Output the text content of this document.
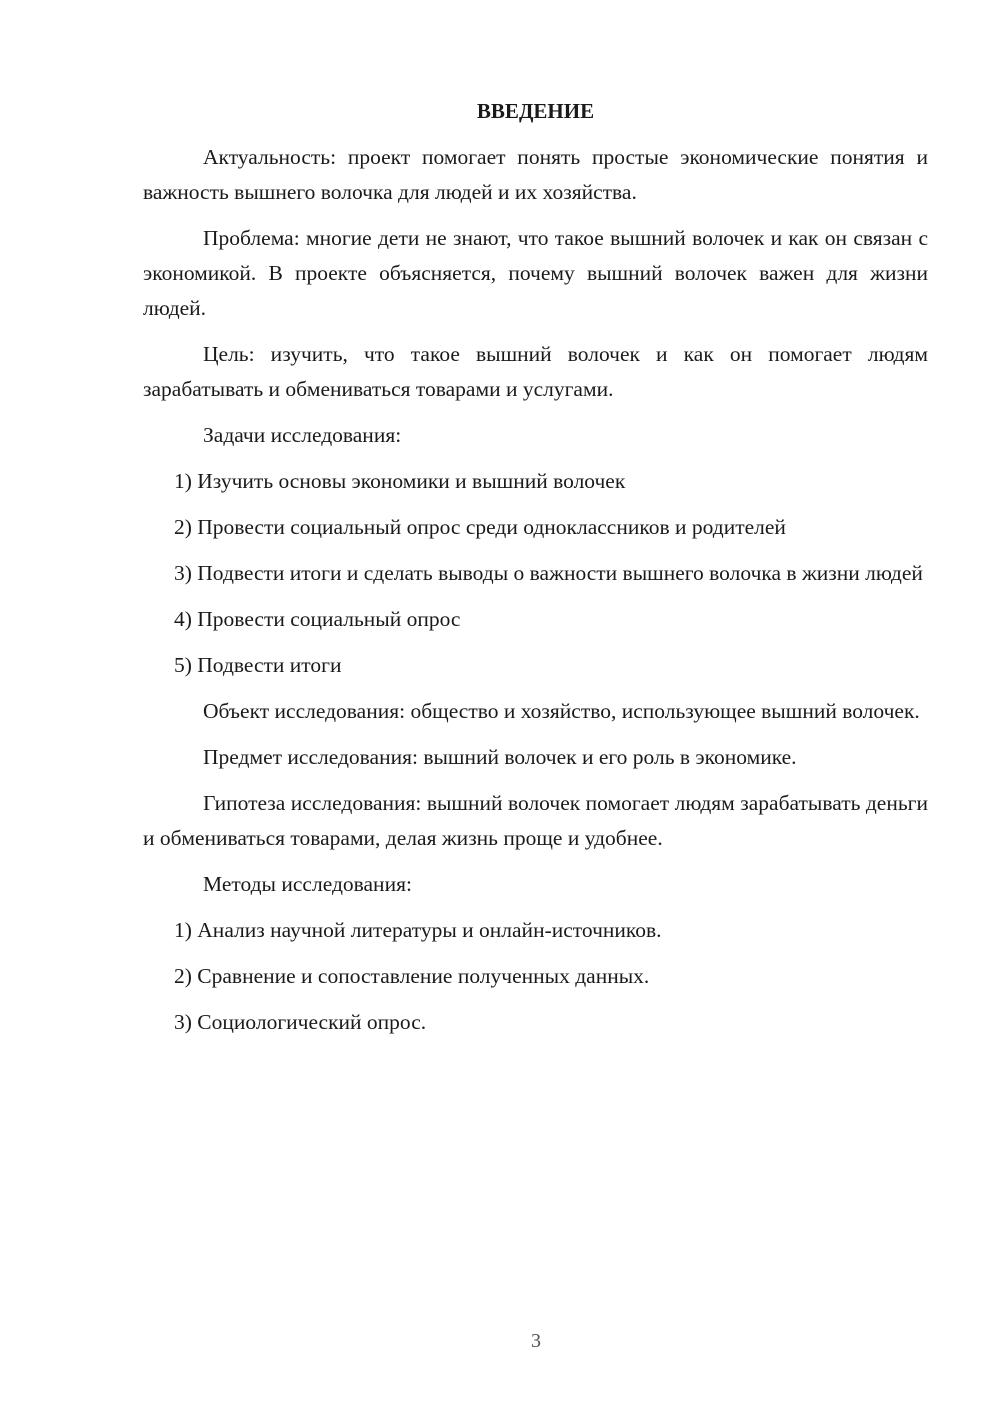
ВВЕДЕНИЕ

Актуальность: проект помогает понять простые экономические понятия и важность вышнего волочка для людей и их хозяйства.

Проблема: многие дети не знают, что такое вышний волочек и как он связан с экономикой. В проекте объясняется, почему вышний волочек важен для жизни людей.

Цель: изучить, что такое вышний волочек и как он помогает людям зарабатывать и обмениваться товарами и услугами.

Задачи исследования:

1) Изучить основы экономики и вышний волочек

2) Провести социальный опрос среди одноклассников и родителей

3) Подвести итоги и сделать выводы о важности вышнего волочка в жизни людей

4) Провести социальный опрос

5) Подвести итоги

Объект исследования: общество и хозяйство, использующее вышний волочек.

Предмет исследования: вышний волочек и его роль в экономике.

Гипотеза исследования: вышний волочек помогает людям зарабатывать деньги и обмениваться товарами, делая жизнь проще и удобнее.

Методы исследования:

1) Анализ научной литературы и онлайн-источников.

2) Сравнение и сопоставление полученных данных.

3) Социологический опрос.

3
